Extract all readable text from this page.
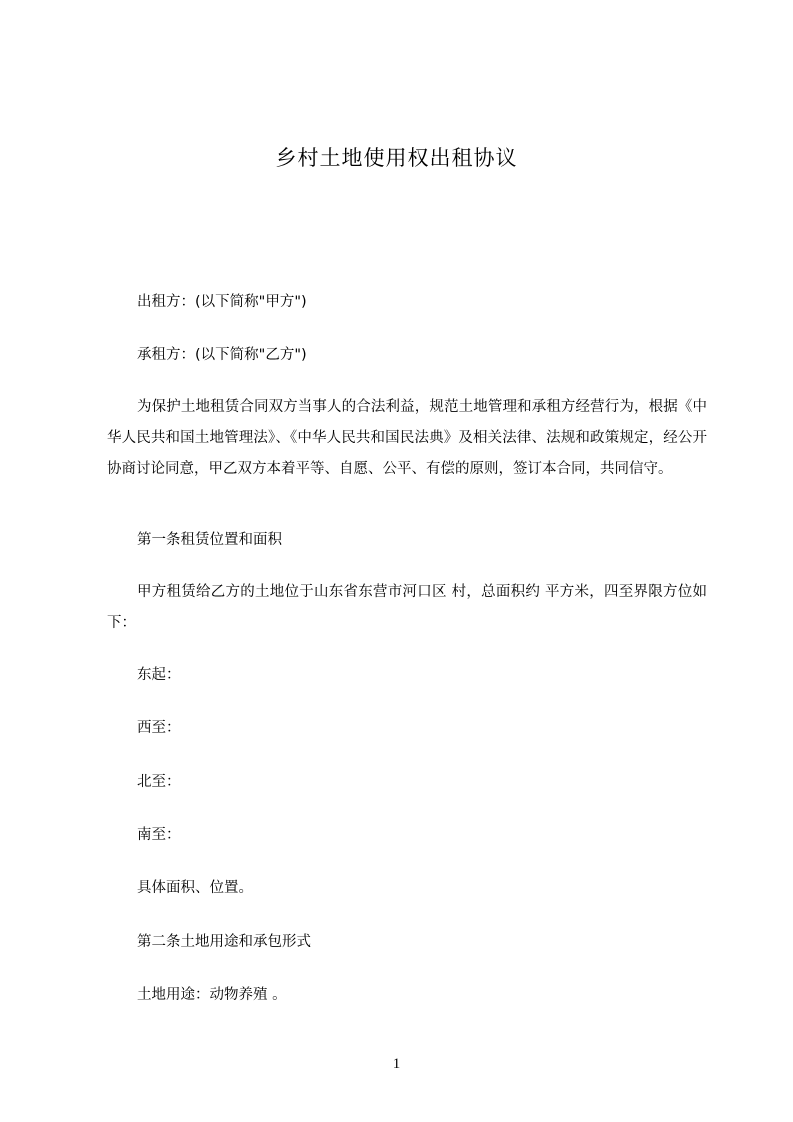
乡村土地使用权出租协议
出租方：(以下简称"甲方")
承租方：(以下简称"乙方")
为保护土地租赁合同双方当事人的合法利益，规范土地管理和承租方经营行为，根据《中华人民共和国土地管理法》、《中华人民共和国民法典》及相关法律、法规和政策规定，经公开协商讨论同意，甲乙双方本着平等、自愿、公平、有偿的原则，签订本合同，共同信守。
第一条租赁位置和面积
甲方租赁给乙方的土地位于山东省东营市河口区 村，总面积约 平方米，四至界限方位如下：
东起：
西至：
北至：
南至：
具体面积、位置。
第二条土地用途和承包形式
土地用途：动物养殖 。
1
